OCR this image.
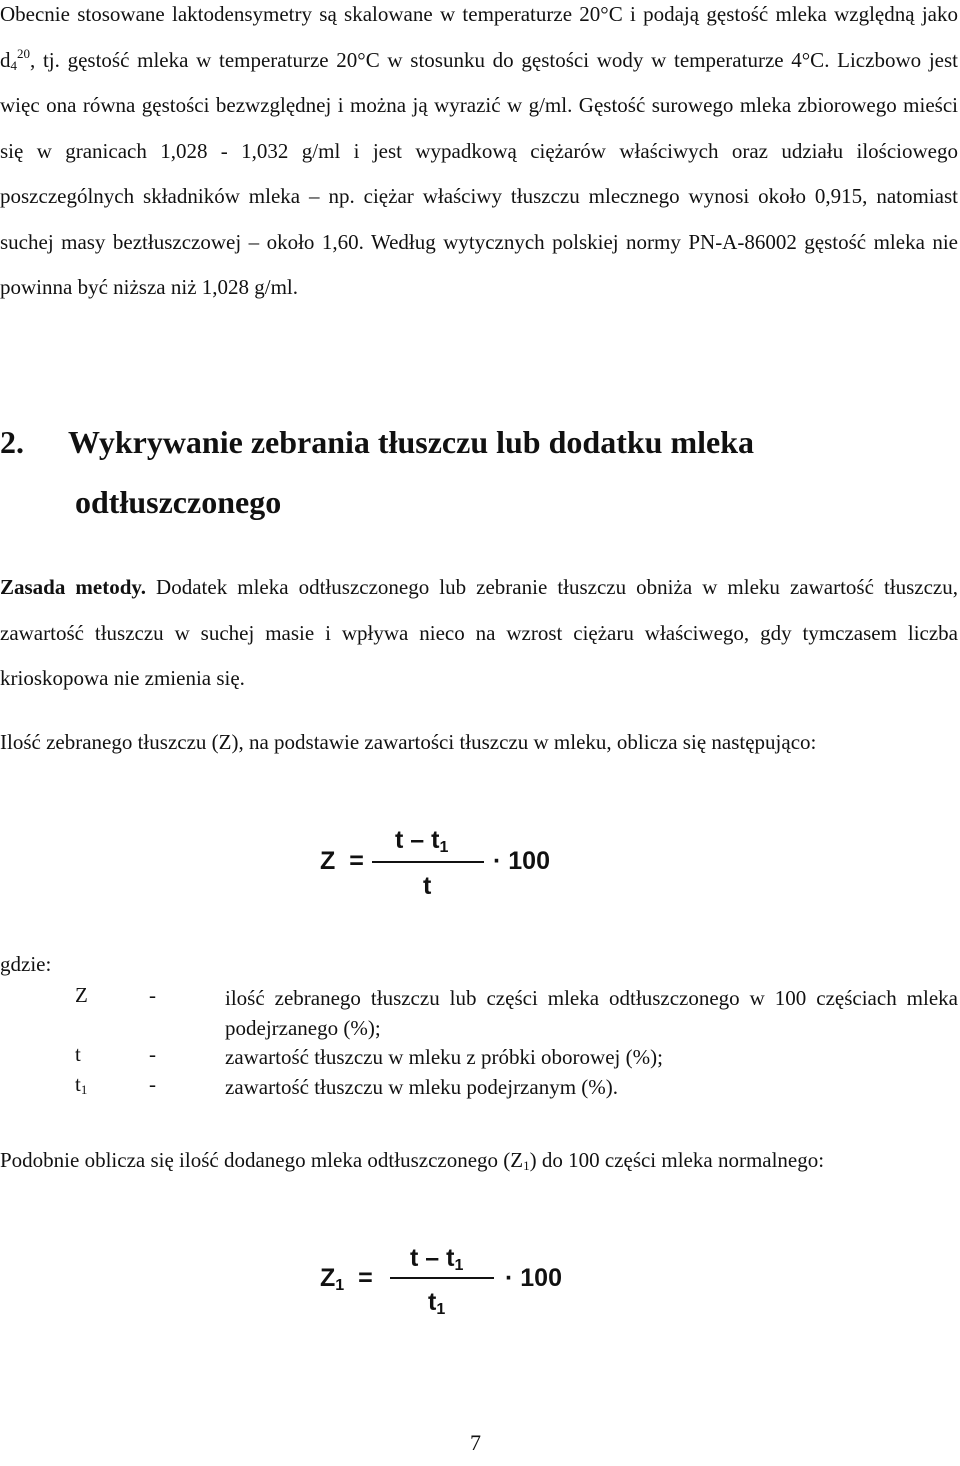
Obecnie stosowane laktodensymetry są skalowane w temperaturze 20°C i podają gęstość mleka względną jako $d_4^{20}$, tj. gęstość mleka w temperaturze 20°C w stosunku do gęstości wody w temperaturze 4°C. Liczbowo jest więc ona równa gęstości bezwzględnej i można ją wyrazić w g/ml. Gęstość surowego mleka zbiorowego mieści się w granicach 1,028 - 1,032 g/ml i jest wypadkową ciężarów właściwych oraz udziału ilościowego poszczególnych składników mleka – np. ciężar właściwy tłuszczu mlecznego wynosi około 0,915, natomiast suchej masy beztłuszczowej – około 1,60. Według wytycznych polskiej normy PN-A-86002 gęstość mleka nie powinna być niższa niż 1,028 g/ml.

2. Wykrywanie zebrania tłuszczu lub dodatku mleka
odtłuszczonego

Zasada metody. Dodatek mleka odtłuszczonego lub zebranie tłuszczu obniża w mleku zawartość tłuszczu, zawartość tłuszczu w suchej masie i wpływa nieco na wzrost ciężaru właściwego, gdy tymczasem liczba krioskopowa nie zmienia się.

Ilość zebranego tłuszczu (Z), na podstawie zawartości tłuszczu w mleku, oblicza się następująco:

Z =
t – $t_1$
t
· 100

gdzie:

Z	-	ilość zebranego tłuszczu lub części mleka odtłuszczonego w 100 częściach mleka podejrzanego (%);
t	-	zawartość tłuszczu w mleku z próbki oborowej (%);
$t_1$	-	zawartość tłuszczu w mleku podejrzanym (%).

Podobnie oblicza się ilość dodanego mleka odtłuszczonego $(Z_1)$ do 100 części mleka normalnego:

$Z_1$ =
t – $t_1$
$t_1$
· 100
7
